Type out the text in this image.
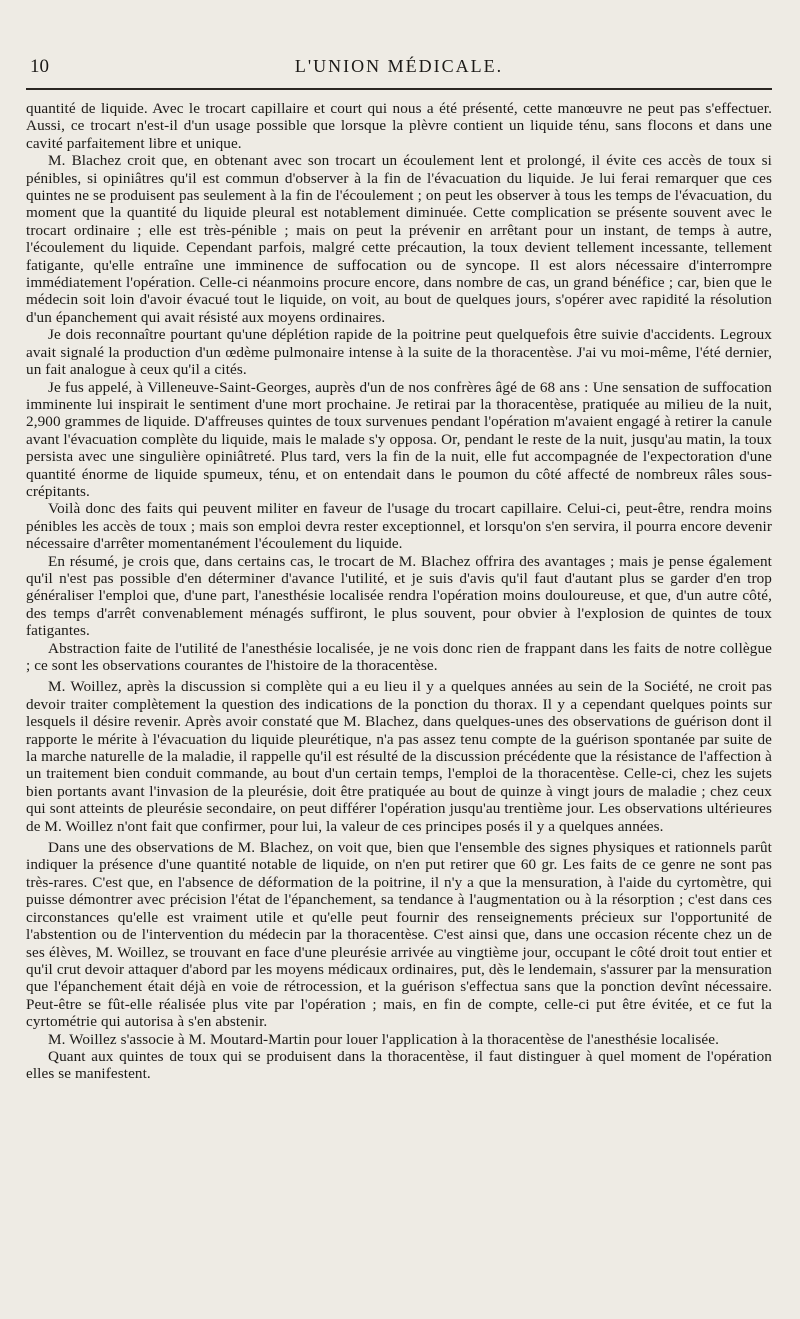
10	L'UNION MÉDICALE.

quantité de liquide. Avec le trocart capillaire et court qui nous a été présenté, cette manœuvre ne peut pas s'effectuer. Aussi, ce trocart n'est-il d'un usage possible que lorsque la plèvre contient un liquide ténu, sans flocons et dans une cavité parfaitement libre et unique.

M. Blachez croit que, en obtenant avec son trocart un écoulement lent et prolongé, il évite ces accès de toux si pénibles, si opiniâtres qu'il est commun d'observer à la fin de l'évacuation du liquide. Je lui ferai remarquer que ces quintes ne se produisent pas seulement à la fin de l'écoulement ; on peut les observer à tous les temps de l'évacuation, du moment que la quantité du liquide pleural est notablement diminuée. Cette complication se présente souvent avec le trocart ordinaire ; elle est très-pénible ; mais on peut la prévenir en arrêtant pour un instant, de temps à autre, l'écoulement du liquide. Cependant parfois, malgré cette précaution, la toux devient tellement incessante, tellement fatigante, qu'elle entraîne une imminence de suffocation ou de syncope. Il est alors nécessaire d'interrompre immédiatement l'opération. Celle-ci néanmoins procure encore, dans nombre de cas, un grand bénéfice ; car, bien que le médecin soit loin d'avoir évacué tout le liquide, on voit, au bout de quelques jours, s'opérer avec rapidité la résolution d'un épanchement qui avait résisté aux moyens ordinaires.

Je dois reconnaître pourtant qu'une déplétion rapide de la poitrine peut quelquefois être suivie d'accidents. Legroux avait signalé la production d'un œdème pulmonaire intense à la suite de la thoracentèse. J'ai vu moi-même, l'été dernier, un fait analogue à ceux qu'il a cités.

Je fus appelé, à Villeneuve-Saint-Georges, auprès d'un de nos confrères âgé de 68 ans : Une sensation de suffocation imminente lui inspirait le sentiment d'une mort prochaine. Je retirai par la thoracentèse, pratiquée au milieu de la nuit, 2,900 grammes de liquide. D'affreuses quintes de toux survenues pendant l'opération m'avaient engagé à retirer la canule avant l'évacuation complète du liquide, mais le malade s'y opposa. Or, pendant le reste de la nuit, jusqu'au matin, la toux persista avec une singulière opiniâtreté. Plus tard, vers la fin de la nuit, elle fut accompagnée de l'expectoration d'une quantité énorme de liquide spumeux, ténu, et on entendait dans le poumon du côté affecté de nombreux râles sous-crépitants.

Voilà donc des faits qui peuvent militer en faveur de l'usage du trocart capillaire. Celui-ci, peut-être, rendra moins pénibles les accès de toux ; mais son emploi devra rester exceptionnel, et lorsqu'on s'en servira, il pourra encore devenir nécessaire d'arrêter momentanément l'écoulement du liquide.

En résumé, je crois que, dans certains cas, le trocart de M. Blachez offrira des avantages ; mais je pense également qu'il n'est pas possible d'en déterminer d'avance l'utilité, et je suis d'avis qu'il faut d'autant plus se garder d'en trop généraliser l'emploi que, d'une part, l'anesthésie localisée rendra l'opération moins douloureuse, et que, d'un autre côté, des temps d'arrêt convenablement ménagés suffiront, le plus souvent, pour obvier à l'explosion de quintes de toux fatigantes.

Abstraction faite de l'utilité de l'anesthésie localisée, je ne vois donc rien de frappant dans les faits de notre collègue ; ce sont les observations courantes de l'histoire de la thoracentèse.

M. Woillez, après la discussion si complète qui a eu lieu il y a quelques années au sein de la Société, ne croit pas devoir traiter complètement la question des indications de la ponction du thorax. Il y a cependant quelques points sur lesquels il désire revenir. Après avoir constaté que M. Blachez, dans quelques-unes des observations de guérison dont il rapporte le mérite à l'évacuation du liquide pleurétique, n'a pas assez tenu compte de la guérison spontanée par suite de la marche naturelle de la maladie, il rappelle qu'il est résulté de la discussion précédente que la résistance de l'affection à un traitement bien conduit commande, au bout d'un certain temps, l'emploi de la thoracentèse. Celle-ci, chez les sujets bien portants avant l'invasion de la pleurésie, doit être pratiquée au bout de quinze à vingt jours de maladie ; chez ceux qui sont atteints de pleurésie secondaire, on peut différer l'opération jusqu'au trentième jour. Les observations ultérieures de M. Woillez n'ont fait que confirmer, pour lui, la valeur de ces principes posés il y a quelques années.

Dans une des observations de M. Blachez, on voit que, bien que l'ensemble des signes physiques et rationnels parût indiquer la présence d'une quantité notable de liquide, on n'en put retirer que 60 gr. Les faits de ce genre ne sont pas très-rares. C'est que, en l'absence de déformation de la poitrine, il n'y a que la mensuration, à l'aide du cyrtomètre, qui puisse démontrer avec précision l'état de l'épanchement, sa tendance à l'augmentation ou à la résorption ; c'est dans ces circonstances qu'elle est vraiment utile et qu'elle peut fournir des renseignements précieux sur l'opportunité de l'abstention ou de l'intervention du médecin par la thoracentèse. C'est ainsi que, dans une occasion récente chez un de ses élèves, M. Woillez, se trouvant en face d'une pleurésie arrivée au vingtième jour, occupant le côté droit tout entier et qu'il crut devoir attaquer d'abord par les moyens médicaux ordinaires, put, dès le lendemain, s'assurer par la mensuration que l'épanchement était déjà en voie de rétrocession, et la guérison s'effectua sans que la ponction devînt nécessaire. Peut-être se fût-elle réalisée plus vite par l'opération ; mais, en fin de compte, celle-ci put être évitée, et ce fut la cyrtométrie qui autorisa à s'en abstenir.

M. Woillez s'associe à M. Moutard-Martin pour louer l'application à la thoracentèse de l'anesthésie localisée.

Quant aux quintes de toux qui se produisent dans la thoracentèse, il faut distinguer à quel moment de l'opération elles se manifestent.
